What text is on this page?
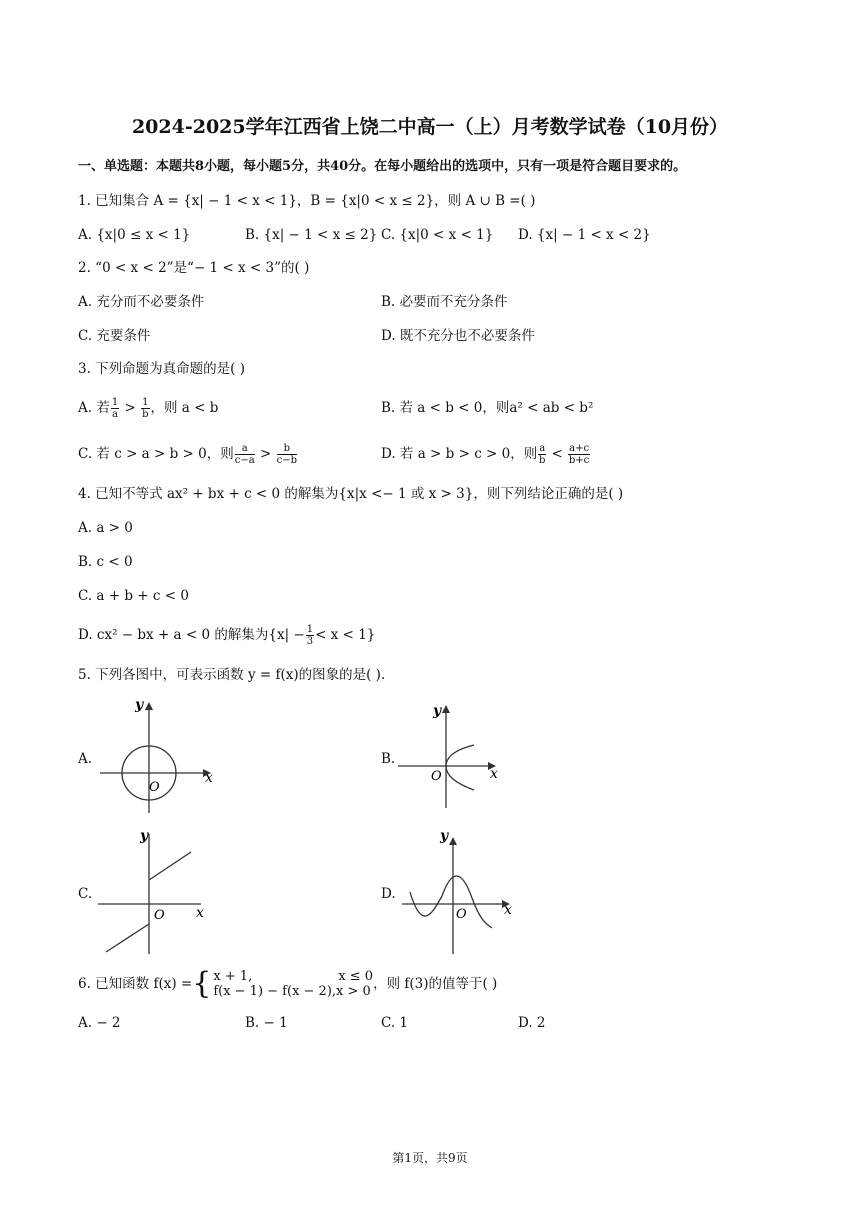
2024-2025学年江西省上饶二中高一（上）月考数学试卷（10月份）
一、单选题：本题共8小题，每小题5分，共40分。在每小题给出的选项中，只有一项是符合题目要求的。
1. 已知集合 A = {x| − 1 < x < 1}，B = {x|0 < x ≤ 2}，则 A ∪ B =( )
A. {x|0 ≤ x < 1}	B. {x| − 1 < x ≤ 2} C. {x|0 < x < 1} D. {x| − 1 < x < 2}
2. “0 < x < 2”是“− 1 < x < 3”的( )
A. 充分而不必要条件	B. 必要而不充分条件
C. 充要条件	D. 既不充分也不必要条件
3. 下列命题为真命题的是( )
A. 若 $\frac{1}{a} > \frac{1}{b}$ ，则 a < b	B. 若 a < b < 0，则a² < ab < b²
C. 若 c > a > b > 0，则 $\frac{a}{c-a} > \frac{b}{c-b}$	D. 若 a > b > c > 0，则 $\frac{a}{b} < \frac{a+c}{b+c}$
4. 已知不等式 ax² + bx + c < 0 的解集为{x|x <− 1 或 x > 3}，则下列结论正确的是( )
A. a > 0
B. c < 0
C. a + b + c < 0
D. cx² − bx + a < 0 的解集为$\{x| - \frac{1}{3} < x < 1\}$
5. 下列各图中，可表示函数 y = f(x)的图象的是( ).
A.
O
x
y
B.
O	x
y
C.
O x
y
D.
O	x
y
6. 已知函数 f(x) = { x + 1,	x ≤ 0
f(x − 1) − f(x − 2), x > 0 ，则 f(3)的值等于( )
A. − 2	B. − 1	C. 1	D. 2
第1页，共9页
